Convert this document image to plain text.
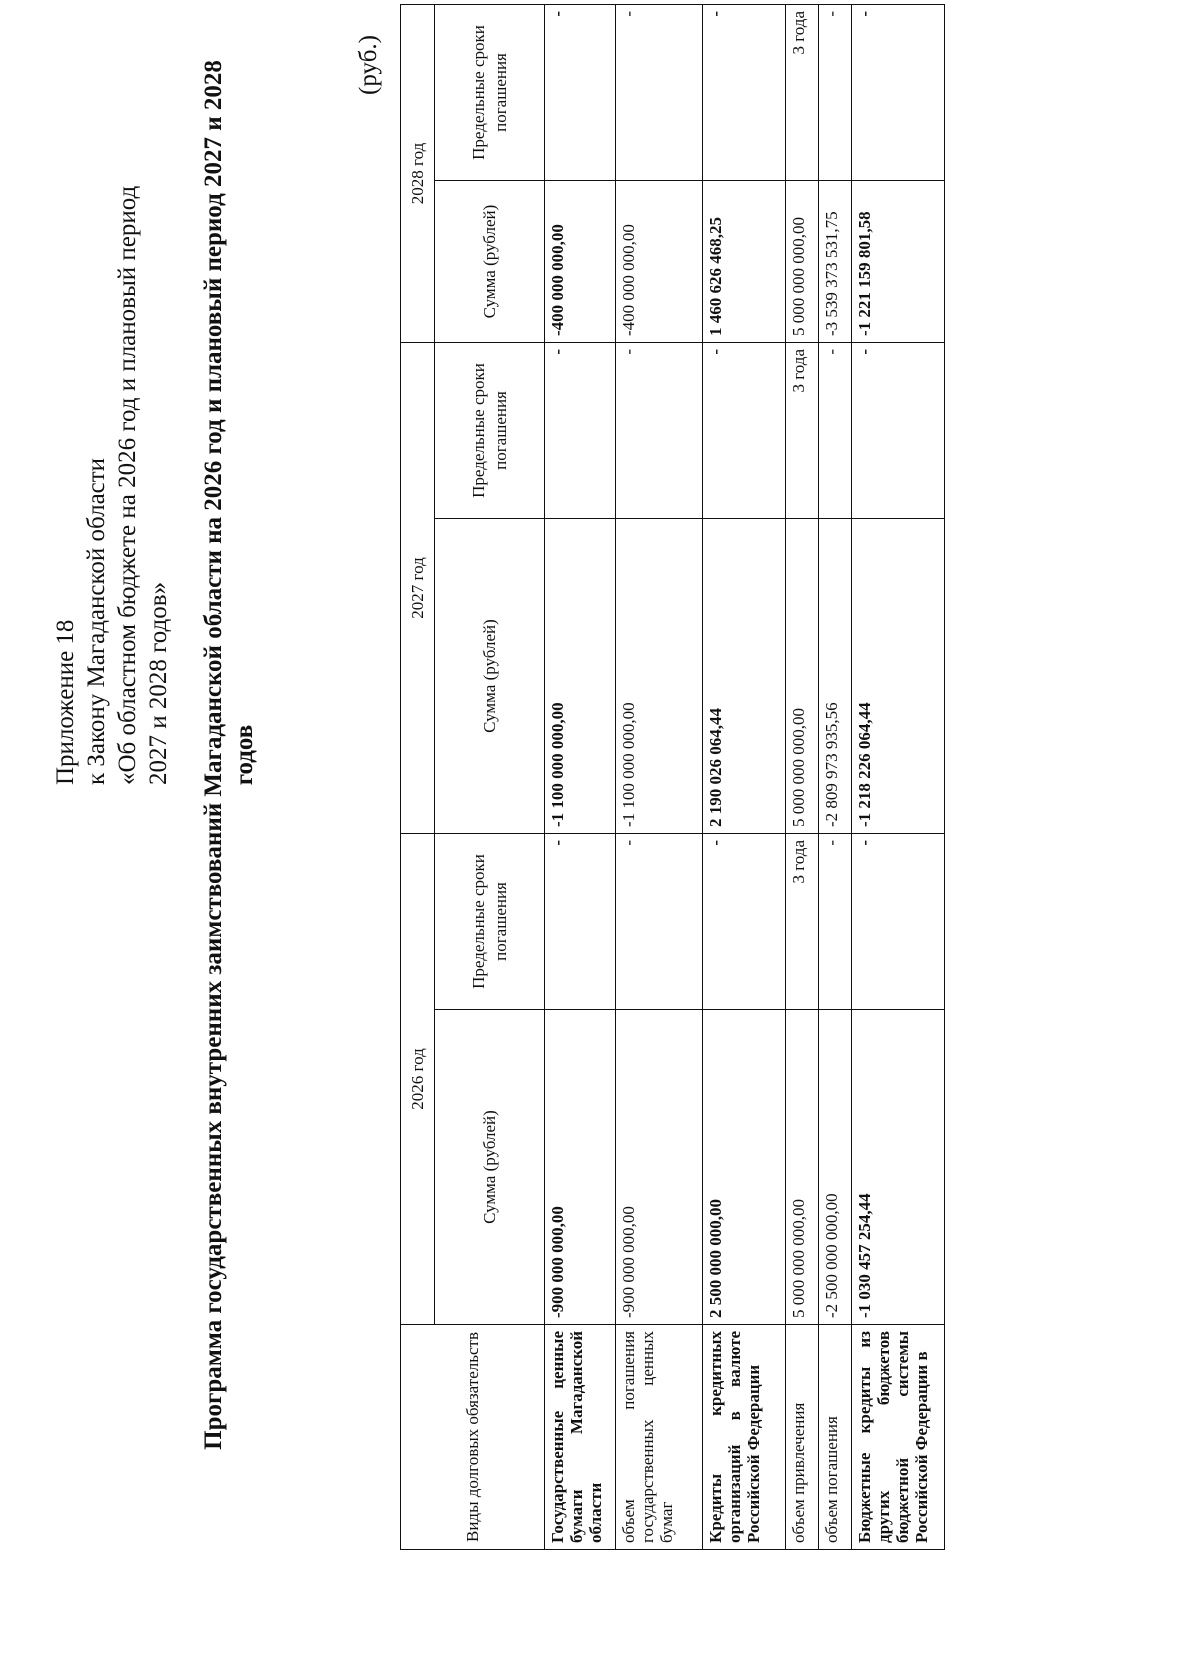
Приложение 18 к Закону Магаданской области «Об областном бюджете на 2026 год и плановый период 2027 и 2028 годов» Программа государственных внутренних заимствований Магаданской области на 2026 год и плановый период 2027 и 2028 годов
(руб.)
Виды долговых обязательств	2026 год		2027 год		2028 год	
	Сумма (рублей)	Предельные сроки погашения	Сумма (рублей)	Предельные сроки погашения	Сумма (рублей)	Предельные сроки погашения
Государственные ценные бумаги Магаданской области	-900 000 000,00	-	-1 100 000 000,00	-	-400 000 000,00	-
объем погашения государственных ценных бумаг	-900 000 000,00	-	-1 100 000 000,00	-	-400 000 000,00	-
Кредиты кредитных организаций в валюте Российской Федерации	2 500 000 000,00	-	2 190 026 064,44	-	1 460 626 468,25	-
объем привлечения	5 000 000 000,00	3 года	5 000 000 000,00	3 года	5 000 000 000,00	3 года
объем погашения	-2 500 000 000,00	-	-2 809 973 935,56	-	-3 539 373 531,75	-
Бюджетные кредиты из других бюджетов бюджетной системы Российской Федерации в	-1 030 457 254,44	-	-1 218 226 064,44	-	-1 221 159 801,58	-
